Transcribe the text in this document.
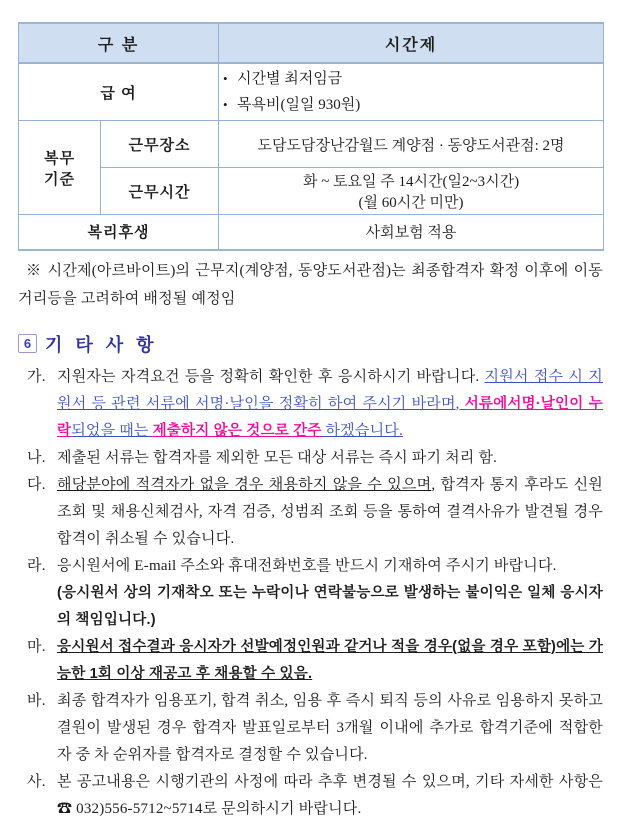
구 분		시간제
급 여		• 시간별 최저임금
• 목욕비(일일 930원)

복무
기준	근무장소	도담도담장난감월드 계양점 · 동양도서관점: 2명
	근무시간	화 ~ 토요일 주 14시간(일2~3시간)
(월 60시간 미만)

복리후생		사회보험 적용
※ 시간제(아르바이트)의 근무지(계양점, 동양도서관점)는 최종합격자 확정 이후에 이동거리등을 고려하여 배정될 예정임
6 기 타 사 항
가. 지원자는 자격요건 등을 정확히 확인한 후 응시하시기 바랍니다. 지원서 접수 시 지원서 등 관련 서류에 서명·날인을 정확히 하여 주시기 바라며, 서류에서명·날인이 누락되었을 때는 제출하지 않은 것으로 간주 하겠습니다.
나. 제출된 서류는 합격자를 제외한 모든 대상 서류는 즉시 파기 처리 함.
다. 해당분야에 적격자가 없을 경우 채용하지 않을 수 있으며, 합격자 통지 후라도 신원조회 및 채용신체검사, 자격 검증, 성범죄 조회 등을 통하여 결격사유가 발견될 경우 합격이 취소될 수 있습니다.
라. 응시원서에 E-mail 주소와 휴대전화번호를 반드시 기재하여 주시기 바랍니다.
(응시원서 상의 기재착오 또는 누락이나 연락불능으로 발생하는 불이익은 일체 응시자의 책임입니다.)
마. 응시원서 접수결과 응시자가 선발예정인원과 같거나 적을 경우(없을 경우 포함)에는 가능한 1회 이상 재공고 후 채용할 수 있음.
바. 최종 합격자가 임용포기, 합격 취소, 임용 후 즉시 퇴직 등의 사유로 임용하지 못하고 결원이 발생된 경우 합격자 발표일로부터 3개월 이내에 추가로 합격기준에 적합한 자 중 차 순위자를 합격자로 결정할 수 있습니다.
사. 본 공고내용은 시행기관의 사정에 따라 추후 변경될 수 있으며, 기타 자세한 사항은 ☎ 032)556-5712~5714로 문의하시기 바랍니다.
